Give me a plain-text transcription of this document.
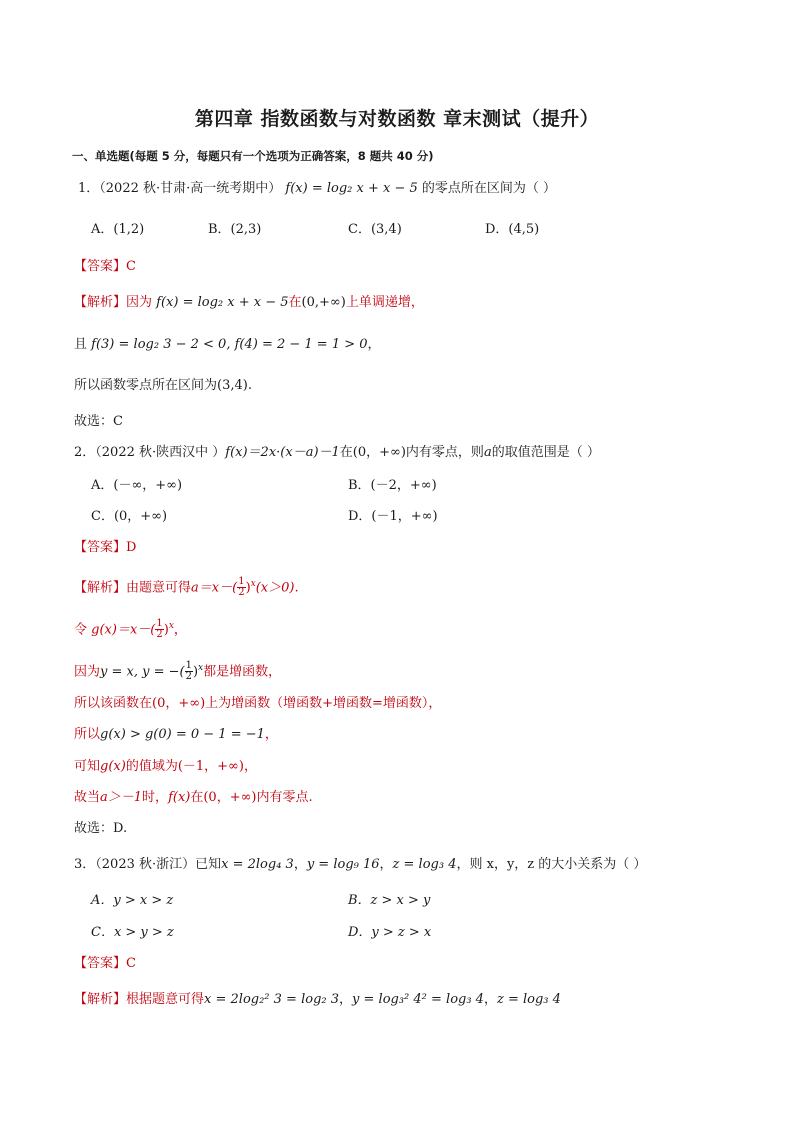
第四章 指数函数与对数函数 章末测试（提升）
一、单选题(每题 5 分，每题只有一个选项为正确答案，8 题共 40 分)
1．（2022 秋·甘肃·高一统考期中） f(x) = log₂ x + x − 5 的零点所在区间为（ ）
A．(1,2)	B．(2,3)	C．(3,4)	D．(4,5)
【答案】C
【解析】因为 f(x) = log₂ x + x − 5在(0,+∞)上单调递增，
且 f(3) = log₂ 3 − 2 < 0, f(4) = 2 − 1 = 1 > 0，
所以函数零点所在区间为(3,4).
故选：C
2．（2022 秋·陕西汉中 ）f(x)＝2x·(x－a)－1在(0，+∞)内有零点，则a的取值范围是（ ）
A．(－∞，+∞)	B．(－2，+∞)
C．(0，+∞)	D．(－1，+∞)
【答案】D
【解析】由题意可得$a=x-( \frac{1}{2} )^x(x>0)$.
令 $g(x)=x-( \frac{1}{2} )^x$，
因为y = x, y = −( $\frac{1}{2} )^x$都是增函数，
所以该函数在(0，+∞)上为增函数（增函数+增函数=增函数），
所以g(x) > g(0) = 0 − 1 = −1，
可知g(x)的值域为(－1，+∞)，
故当a＞－1时，f(x)在(0，+∞)内有零点.
故选：D.
3．（2023 秋·浙江）已知x = 2log₄ 3，y = log₉ 16，z = log₃ 4，则 x，y，z 的大小关系为（ ）
A．y > x > z	B．z > x > y
C．x > y > z	D．y > z > x
【答案】C
【解析】根据题意可得x = 2log₂² 3 = log₂ 3，y = log₃² 4² = log₃ 4，z = log₃ 4
